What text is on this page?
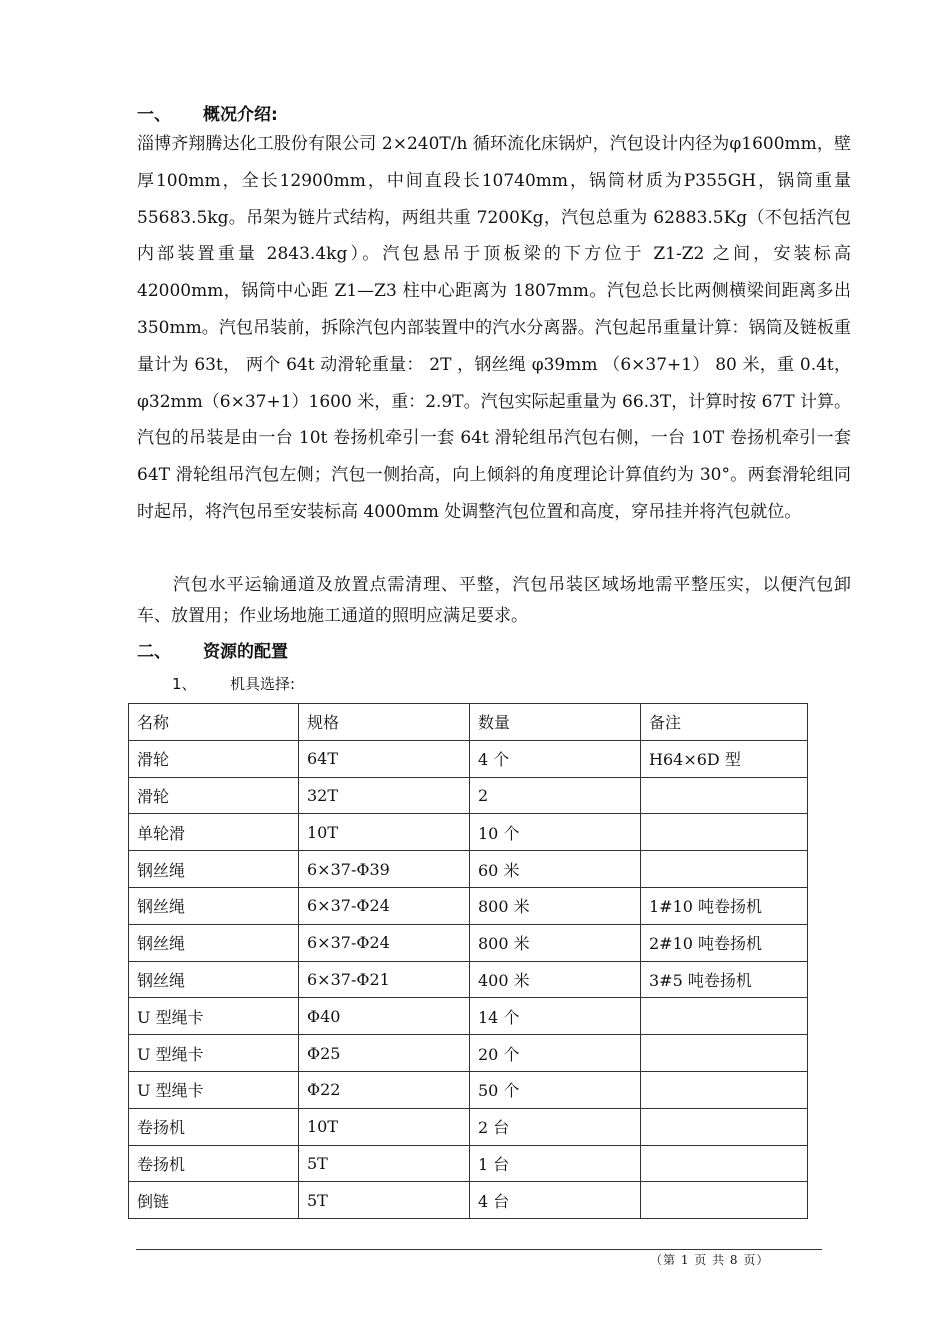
一、 概况介绍:

淄博齐翔腾达化工股份有限公司 2×240T/h 循环流化床锅炉，汽包设计内径为φ1600mm，壁 厚100mm，全长12900mm，中间直段长10740mm，锅筒材质为P355GH，锅筒重量 55683.5kg。吊架为链片式结构，两组共重 7200Kg，汽包总重为 62883.5Kg（不包括汽包内部装置重量 2843.4kg）。汽包悬吊于顶板梁的下方位于 Z1-Z2 之间，安装标高42000mm，锅筒中心距 Z1—Z3 柱中心距离为 1807mm。汽包总长比两侧横梁间距离多出350mm。汽包吊装前，拆除汽包内部装置中的汽水分离器。汽包起吊重量计算：锅筒及链板重量计为 63t， 两个 64t 动滑轮重量： 2T ，钢丝绳 φ39mm （6×37+1） 80 米，重 0.4t，φ32mm（6×37+1）1600 米，重：2.9T。汽包实际起重量为 66.3T，计算时按 67T 计算。汽包的吊装是由一台 10t 卷扬机牵引一套 64t 滑轮组吊汽包右侧，一台 10T 卷扬机牵引一套 64T 滑轮组吊汽包左侧；汽包一侧抬高，向上倾斜的角度理论计算值约为 30°。两套滑轮组同时起吊，将汽包吊至安装标高 4000mm 处调整汽包位置和高度，穿吊挂并将汽包就位。

汽包水平运输通道及放置点需清理、平整，汽包吊装区域场地需平整压实，以便汽包卸车、放置用；作业场地施工通道的照明应满足要求。

二、 资源的配置
1、 机具选择:
名称	规格	数量	备注
滑轮	64T	4 个	H64×6D 型
滑轮	32T	2	
单轮滑	10T	10 个	
钢丝绳	6×37-Φ39	60 米	
钢丝绳	6×37-Φ24	800 米	1#10 吨卷扬机
钢丝绳	6×37-Φ24	800 米	2#10 吨卷扬机
钢丝绳	6×37-Φ21	400 米	3#5 吨卷扬机
U 型绳卡	Φ40	14 个	
U 型绳卡	Φ25	20 个	
U 型绳卡	Φ22	50 个	
卷扬机	10T	2 台	
卷扬机	5T	1 台	
倒链	5T	4 台	
（第 1 页 共 8 页）
